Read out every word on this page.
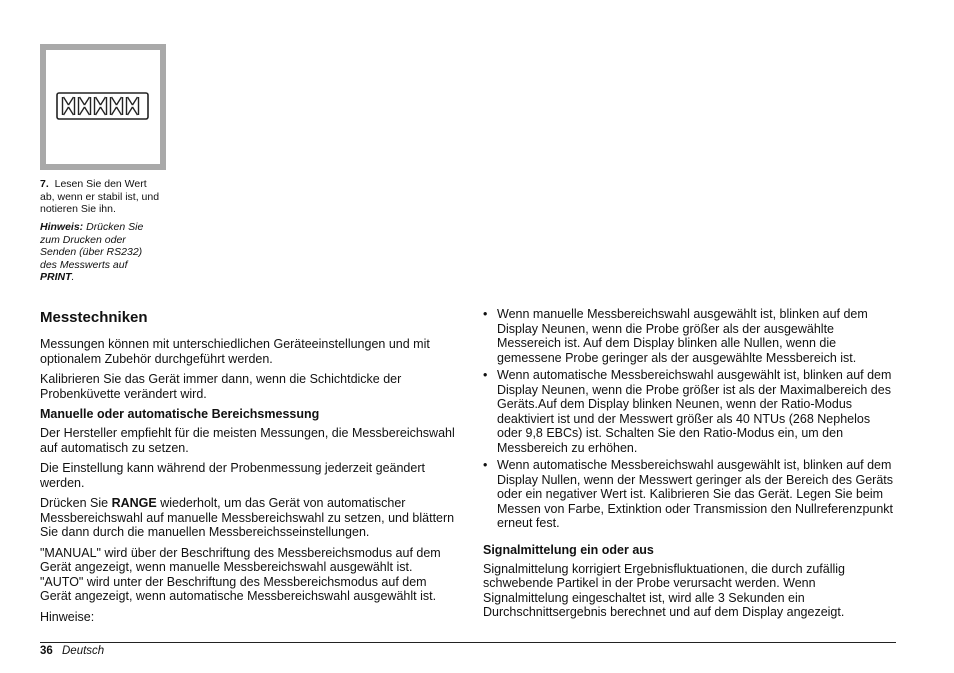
7. Lesen Sie den Wert ab, wenn er stabil ist, und notieren Sie ihn.
Hinweis: Drücken Sie zum Drucken oder Senden (über RS232) des Messwerts auf PRINT.
Messtechniken

Messungen können mit unterschiedlichen Geräteeinstellungen und mit optionalem Zubehör durchgeführt werden.

Kalibrieren Sie das Gerät immer dann, wenn die Schichtdicke der Probenküvette verändert wird.

Manuelle oder automatische Bereichsmessung

Der Hersteller empfiehlt für die meisten Messungen, die Messbereichswahl auf automatisch zu setzen.

Die Einstellung kann während der Probenmessung jederzeit geändert werden.

Drücken Sie RANGE wiederholt, um das Gerät von automatischer Messbereichswahl auf manuelle Messbereichswahl zu setzen, und blättern Sie dann durch die manuellen Messbereichsseinstellungen.

"MANUAL" wird über der Beschriftung des Messbereichsmodus auf dem Gerät angezeigt, wenn manuelle Messbereichswahl ausgewählt ist.

"AUTO" wird unter der Beschriftung des Messbereichsmodus auf dem Gerät angezeigt, wenn automatische Messbereichswahl ausgewählt ist.

Hinweise:

• Wenn manuelle Messbereichswahl ausgewählt ist, blinken auf dem Display Neunen, wenn die Probe größer als der ausgewählte Messereich ist. Auf dem Display blinken alle Nullen, wenn die gemessene Probe geringer als der ausgewählte Messbereich ist.
• Wenn automatische Messbereichswahl ausgewählt ist, blinken auf dem Display Neunen, wenn die Probe größer ist als der Maximalbereich des Geräts.Auf dem Display blinken Neunen, wenn der Ratio-Modus deaktiviert ist und der Messwert größer als 40 NTUs (268 Nephelos oder 9,8 EBCs) ist. Schalten Sie den Ratio-Modus ein, um den Messbereich zu erhöhen.
• Wenn automatische Messbereichswahl ausgewählt ist, blinken auf dem Display Nullen, wenn der Messwert geringer als der Bereich des Geräts oder ein negativer Wert ist. Kalibrieren Sie das Gerät. Legen Sie beim Messen von Farbe, Extinktion oder Transmission den Nullreferenzpunkt erneut fest.
Signalmittelung ein oder aus

Signalmittelung korrigiert Ergebnisfluktuationen, die durch zufällig schwebende Partikel in der Probe verursacht werden. Wenn Signalmittelung eingeschaltet ist, wird alle 3 Sekunden ein Durchschnittsergebnis berechnet und auf dem Display angezeigt.

36 Deutsch
